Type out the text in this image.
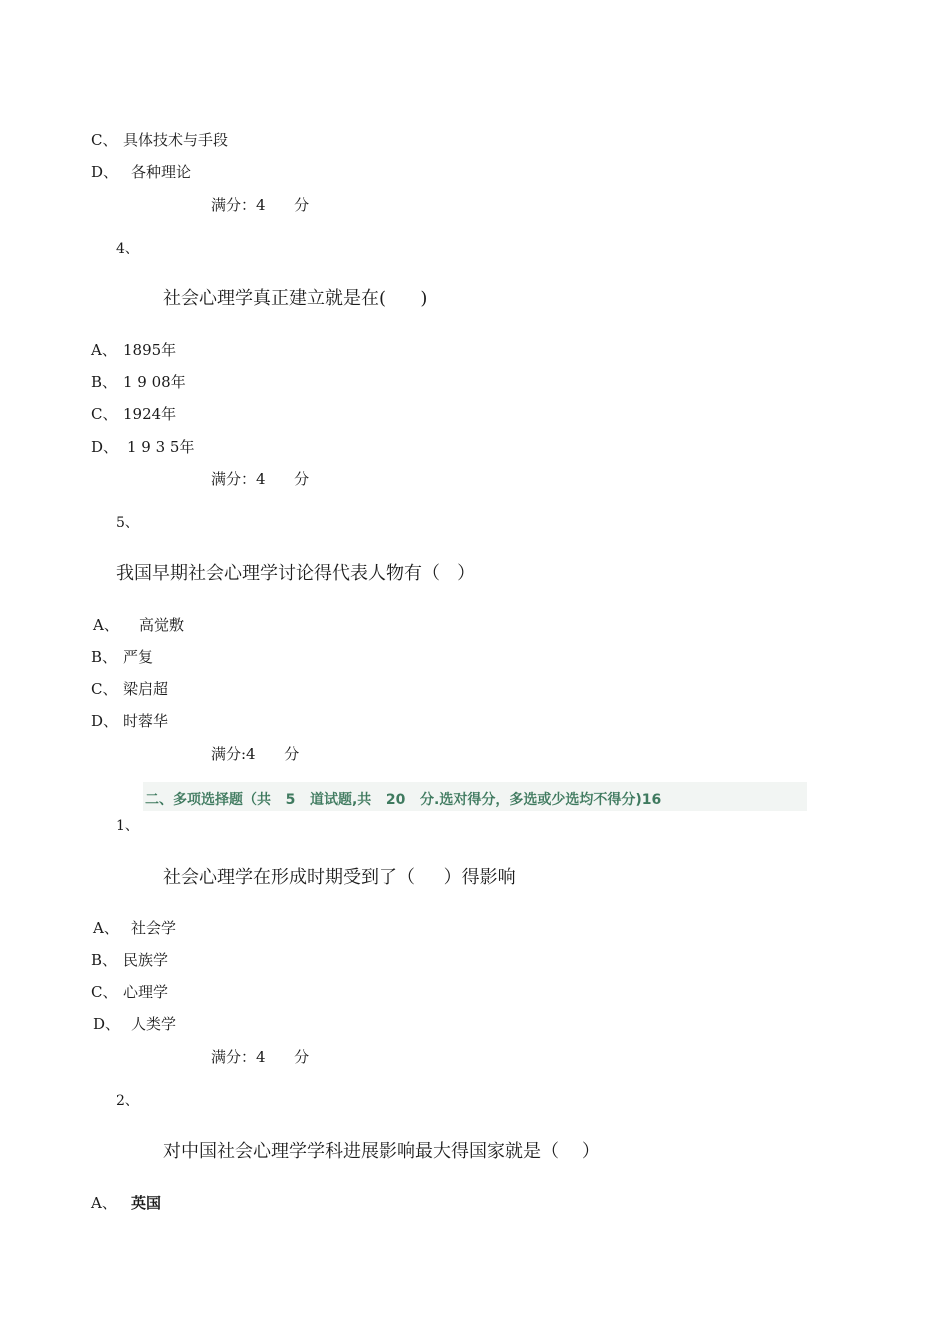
C、 具体技术与手段
D、 各种理论
满分：4      分
4、
社会心理学真正建立就是在(      )
A、 1895年
B、 1 9 08年
C、 1924年
D、 1 9 3 5年
满分：4      分
5、
我国早期社会心理学讨论得代表人物有（   ）
A、 高觉敷
B、 严复
C、 梁启超
D、 时蓉华
满分:4      分
二、多项选择题（共   5   道试题,共   20   分.选对得分，多选或少选均不得分)16
1、
社会心理学在形成时期受到了（     ）得影响
A、 社会学
B、 民族学
C、 心理学
D、 人类学
满分：4      分
2、
对中国社会心理学学科进展影响最大得国家就是（    ）
A、 英国
